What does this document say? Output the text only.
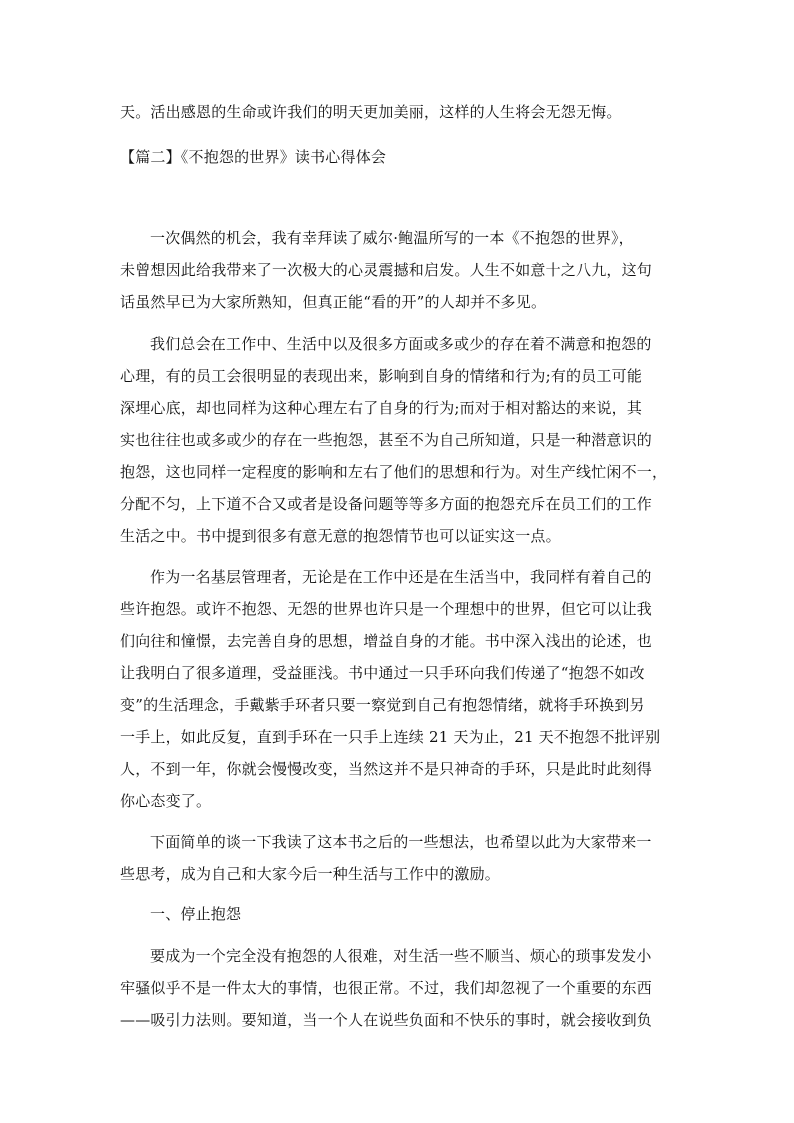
天。活出感恩的生命或许我们的明天更加美丽，这样的人生将会无怨无悔。
【篇二】《不抱怨的世界》读书心得体会
一次偶然的机会，我有幸拜读了威尔·鲍温所写的一本《不抱怨的世界》，
未曾想因此给我带来了一次极大的心灵震撼和启发。人生不如意十之八九，这句
话虽然早已为大家所熟知，但真正能“看的开”的人却并不多见。
我们总会在工作中、生活中以及很多方面或多或少的存在着不满意和抱怨的
心理，有的员工会很明显的表现出来，影响到自身的情绪和行为;有的员工可能
深埋心底，却也同样为这种心理左右了自身的行为;而对于相对豁达的来说，其
实也往往也或多或少的存在一些抱怨，甚至不为自己所知道，只是一种潜意识的
抱怨，这也同样一定程度的影响和左右了他们的思想和行为。对生产线忙闲不一，
分配不匀，上下道不合又或者是设备问题等等多方面的抱怨充斥在员工们的工作
生活之中。书中提到很多有意无意的抱怨情节也可以证实这一点。
作为一名基层管理者，无论是在工作中还是在生活当中，我同样有着自己的
些许抱怨。或许不抱怨、无怨的世界也许只是一个理想中的世界，但它可以让我
们向往和憧憬，去完善自身的思想，增益自身的才能。书中深入浅出的论述，也
让我明白了很多道理，受益匪浅。书中通过一只手环向我们传递了“抱怨不如改
变”的生活理念，手戴紫手环者只要一察觉到自己有抱怨情绪，就将手环换到另
一手上，如此反复，直到手环在一只手上连续 21 天为止，21 天不抱怨不批评别
人，不到一年，你就会慢慢改变，当然这并不是只神奇的手环，只是此时此刻得
你心态变了。
下面简单的谈一下我读了这本书之后的一些想法，也希望以此为大家带来一
些思考，成为自己和大家今后一种生活与工作中的激励。
一、停止抱怨
要成为一个完全没有抱怨的人很难，对生活一些不顺当、烦心的琐事发发小
牢骚似乎不是一件太大的事情，也很正常。不过，我们却忽视了一个重要的东西
——吸引力法则。要知道，当一个人在说些负面和不快乐的事时，就会接收到负
